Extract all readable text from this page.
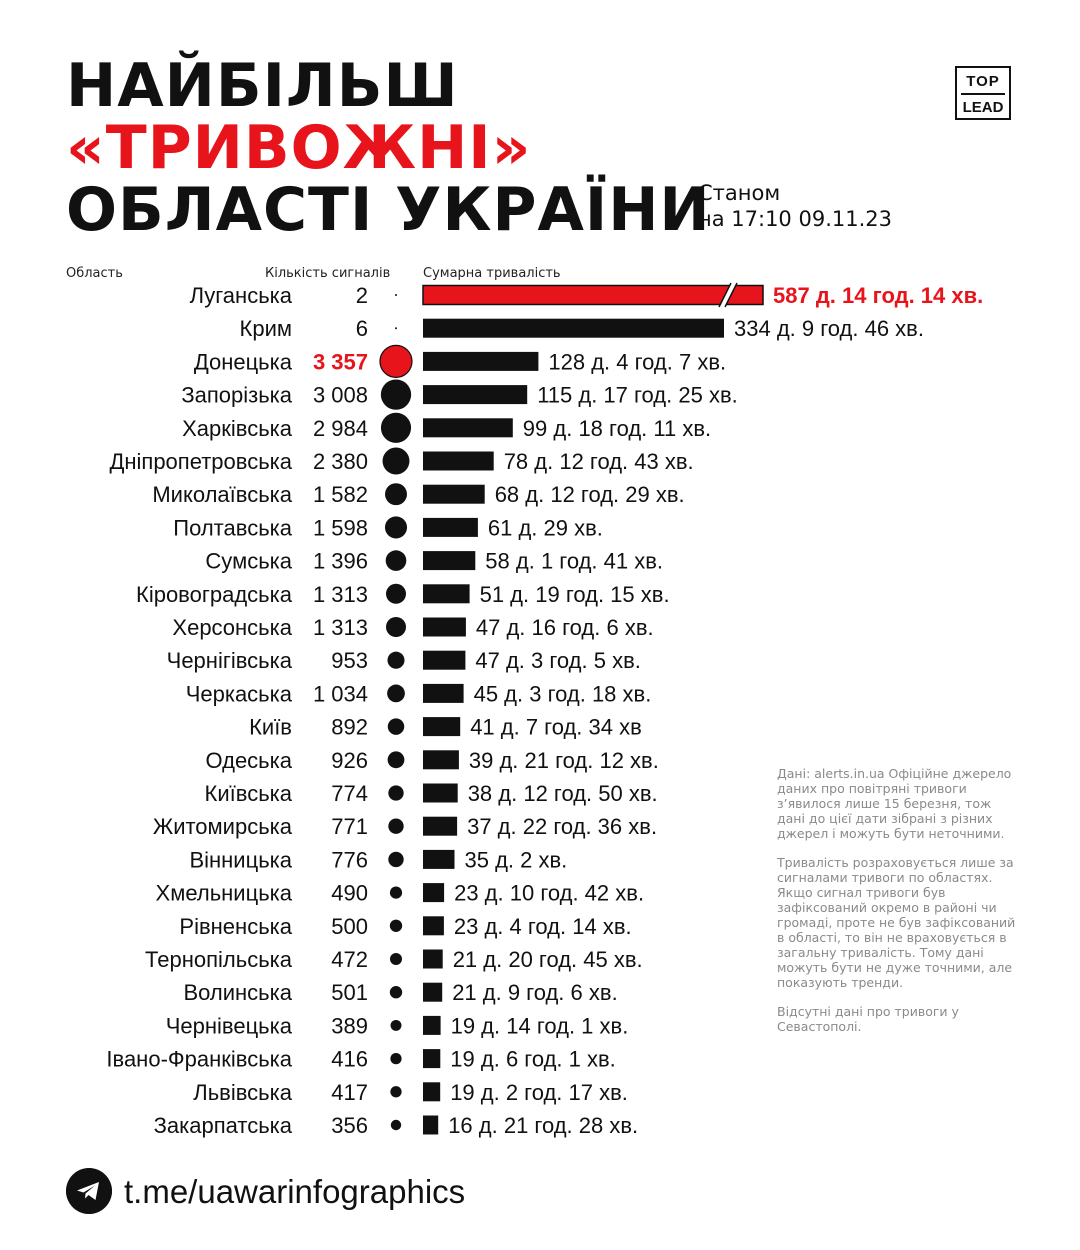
НАЙБІЛЬШ
«ТРИВОЖНІ»
ОБЛАСТІ УКРАЇНИ
Станом
на 17:10 09.11.23
TOP
LEAD
Область	Кількість сигналів	Сумарна тривалість
Луганська	2	587 д. 14 год. 14 хв.
Крим	6	334 д. 9 год. 46 хв.
Донецька 3 357	128 д. 4 год. 7 хв.
Запорізька 3 008	115 д. 17 год. 25 хв.
Харківська 2 984	99 д. 18 год. 11 хв.
Дніпропетровська 2 380	78 д. 12 год. 43 хв.
Миколаївська 1 582	68 д. 12 год. 29 хв.
Полтавська 1 598	61 д. 29 хв.
Сумська 1 396	58 д. 1 год. 41 хв.
Кіровоградська 1 313	51 д. 19 год. 15 хв.
Херсонська 1 313	47 д. 16 год. 6 хв.
Чернігівська 953	47 д. 3 год. 5 хв.
Черкаська 1 034	45 д. 3 год. 18 хв.
Київ 892	41 д. 7 год. 34 хв
Одеська 926	39 д. 21 год. 12 хв.
Київська 774	38 д. 12 год. 50 хв.
Житомирська 771	37 д. 22 год. 36 хв.
Вінницька 776	35 д. 2 хв.
Хмельницька 490	23 д. 10 год. 42 хв.
Рівненська 500	23 д. 4 год. 14 хв.
Тернопільська 472	21 д. 20 год. 45 хв.
Волинська 501	21 д. 9 год. 6 хв.
Чернівецька 389	19 д. 14 год. 1 хв.
Івано-Франківська 416	19 д. 6 год. 1 хв.
Львівська 417	19 д. 2 год. 17 хв.
Закарпатська 356	16 д. 21 год. 28 хв.

Дані: alerts.in.ua Офіційне джерело даних про повітряні тривоги з’явилося лише 15 березня, тож дані до цієї дати зібрані з різних джерел і можуть бути неточними.

Тривалість розраховується лише за сигналами тривоги по областях. Якщо сигнал тривоги був зафіксований окремо в районі чи громаді, проте не був зафіксований в області, то він не враховується в загальну тривалість. Тому дані можуть бути не дуже точними, але показують тренди.

Відсутні дані про тривоги у Севастополі.

t.me/uawarinfographics
